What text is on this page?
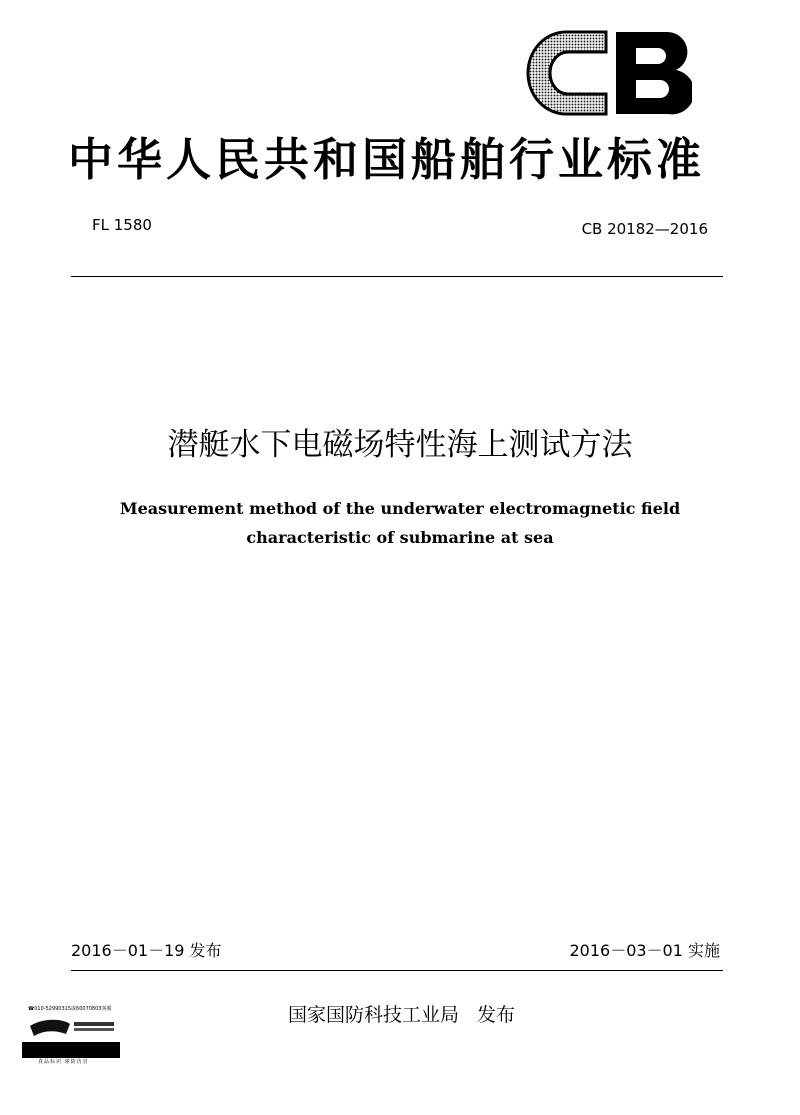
中华人民共和国船舶行业标准
FL 1580	CB 20182—2016
潜艇水下电磁场特性海上测试方法
Measurement method of the underwater electromagnetic field characteristic of submarine at sea
2016－01－19 发布	2016－03－01 实施
国家国防科技工业局 发布
☎010-52990315或60070803客服
真品标识 谨防仿冒
